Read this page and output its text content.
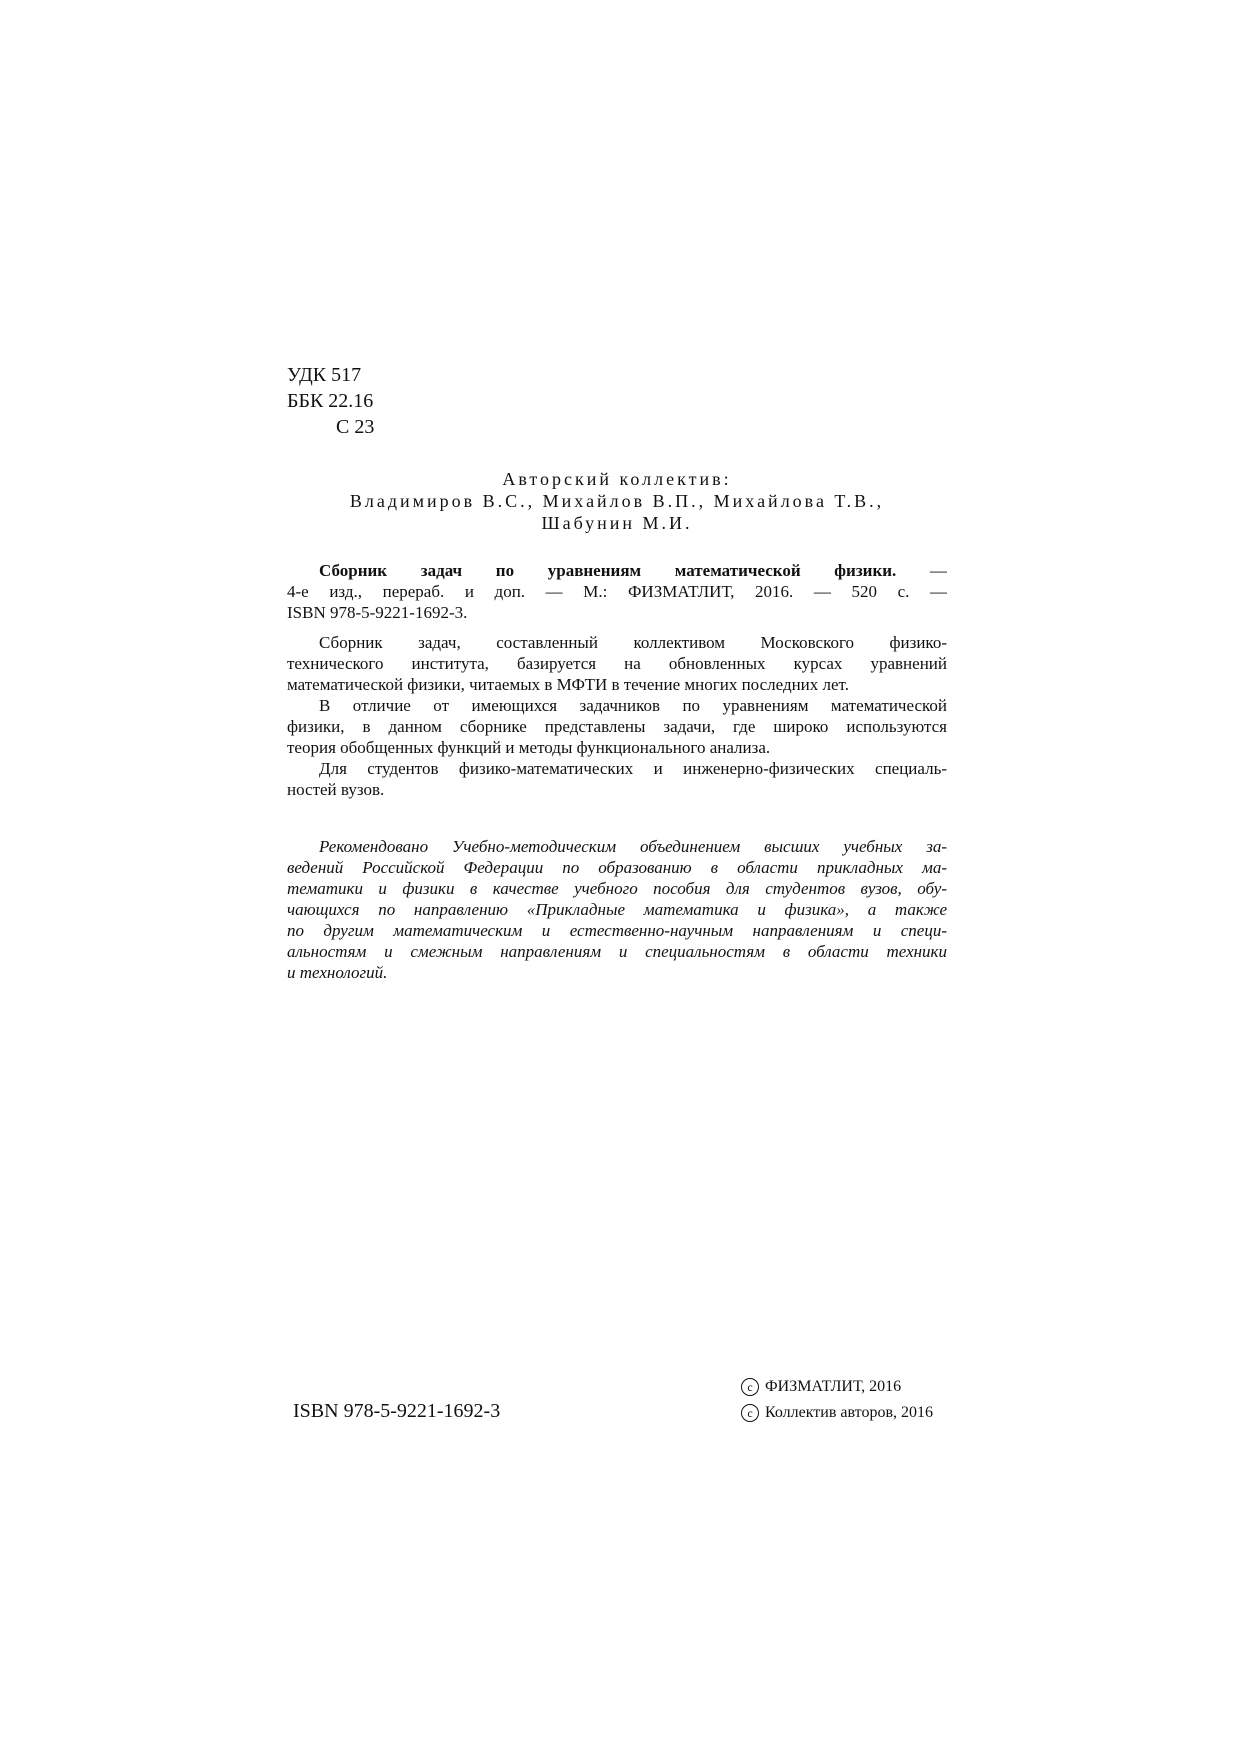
УДК 517
ББК 22.16
С 23
Авторский коллектив:
Владимиров В.С., Михайлов В.П., Михайлова Т.В.,
Шабунин М.И.
Сборник задач по уравнениям математической физики. —
4-е изд., перераб. и доп. — М.: ФИЗМАТЛИТ, 2016. — 520 с. —
ISBN 978-5-9221-1692-3.
Сборник задач, составленный коллективом Московского физико-
технического института, базируется на обновленных курсах уравнений
математической физики, читаемых в МФТИ в течение многих последних лет.
В отличие от имеющихся задачников по уравнениям математической
физики, в данном сборнике представлены задачи, где широко используются
теория обобщенных функций и методы функционального анализа.
Для студентов физико-математических и инженерно-физических специаль-
ностей вузов.
Рекомендовано Учебно-методическим объединением высших учебных за-
ведений Российской Федерации по образованию в области прикладных ма-
тематики и физики в качестве учебного пособия для студентов вузов, обу-
чающихся по направлению «Прикладные математика и физика», а также
по другим математическим и естественно-научным направлениям и специ-
альностям и смежным направлениям и специальностям в области техники
и технологий.
ISBN 978-5-9221-1692-3
c ФИЗМАТЛИТ, 2016
c Коллектив авторов, 2016
